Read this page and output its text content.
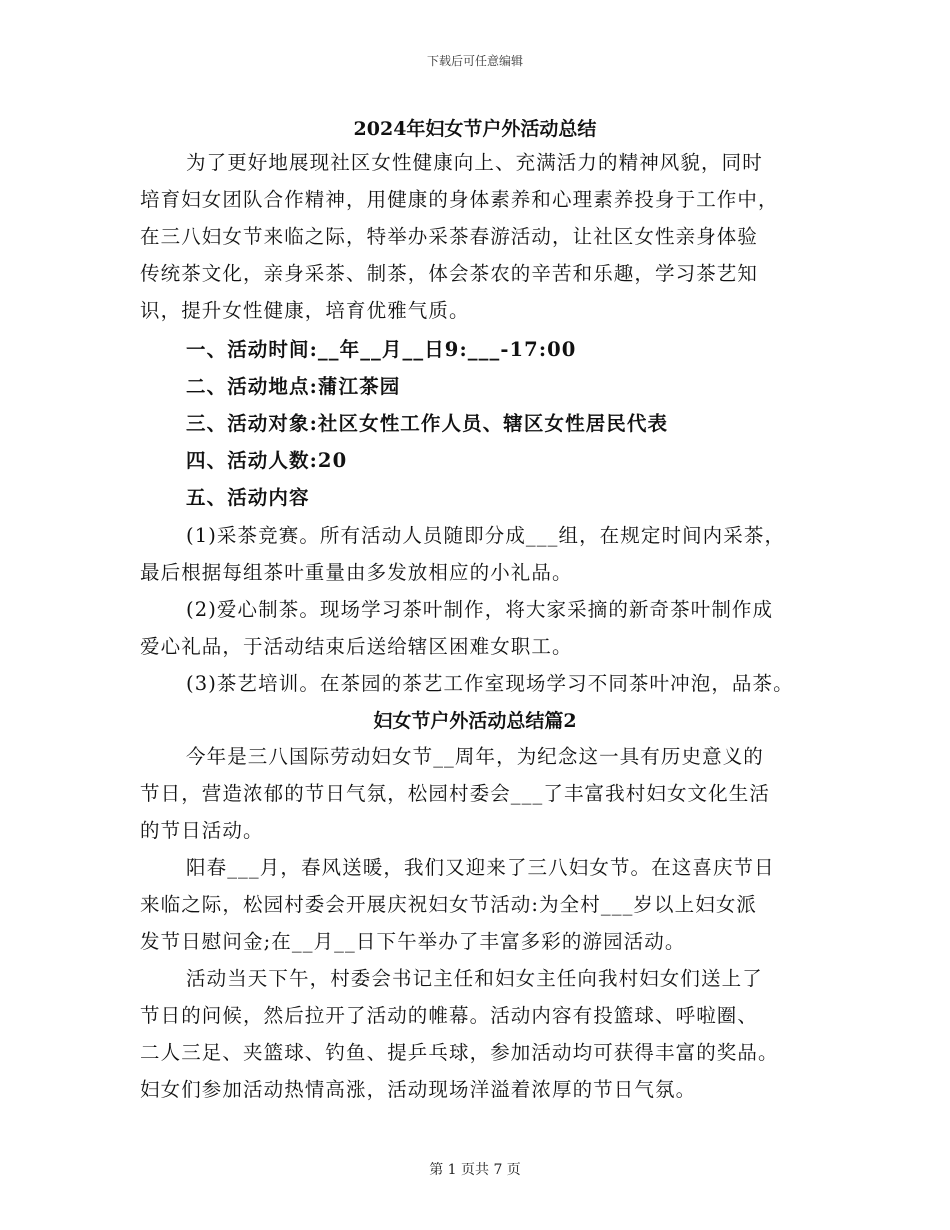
下载后可任意编辑
2024年妇女节户外活动总结
为了更好地展现社区女性健康向上、充满活力的精神风貌，同时
培育妇女团队合作精神，用健康的身体素养和心理素养投身于工作中，
在三八妇女节来临之际，特举办采茶春游活动，让社区女性亲身体验
传统茶文化，亲身采茶、制茶，体会茶农的辛苦和乐趣，学习茶艺知
识，提升女性健康，培育优雅气质。
一、活动时间:__年__月__日9:___-17:00
二、活动地点:蒲江茶园
三、活动对象:社区女性工作人员、辖区女性居民代表
四、活动人数:20
五、活动内容
(1)采茶竞赛。所有活动人员随即分成___组，在规定时间内采茶，
最后根据每组茶叶重量由多发放相应的小礼品。
(2)爱心制茶。现场学习茶叶制作，将大家采摘的新奇茶叶制作成
爱心礼品，于活动结束后送给辖区困难女职工。
(3)茶艺培训。在茶园的茶艺工作室现场学习不同茶叶冲泡，品茶。
妇女节户外活动总结篇2
今年是三八国际劳动妇女节__周年，为纪念这一具有历史意义的
节日，营造浓郁的节日气氛，松园村委会___了丰富我村妇女文化生活
的节日活动。
阳春___月，春风送暖，我们又迎来了三八妇女节。在这喜庆节日
来临之际，松园村委会开展庆祝妇女节活动:为全村___岁以上妇女派
发节日慰问金;在__月__日下午举办了丰富多彩的游园活动。
活动当天下午，村委会书记主任和妇女主任向我村妇女们送上了
节日的问候，然后拉开了活动的帷幕。活动内容有投篮球、呼啦圈、
二人三足、夹篮球、钓鱼、提乒乓球，参加活动均可获得丰富的奖品。
妇女们参加活动热情高涨，活动现场洋溢着浓厚的节日气氛。
第 1 页共 7 页
